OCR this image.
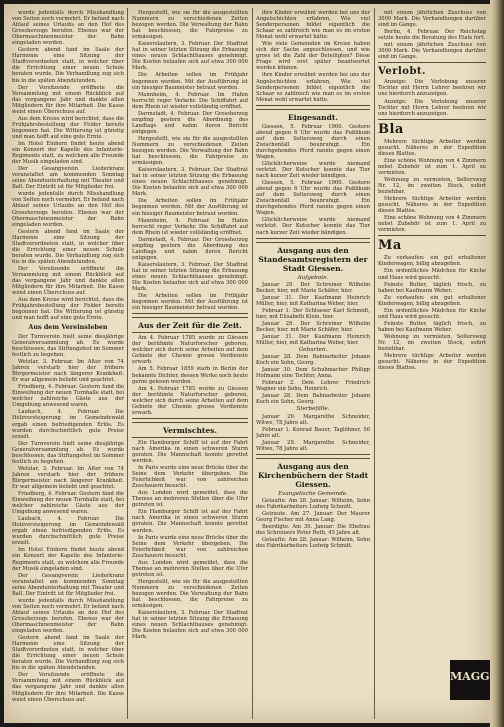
wurde jedenfalls durch Misshandlung von Seiten noch vermehrt. Er befand nach Ablauf seines Urlaubs an den Hof des Grossherzogs berufen. Ebenso war der Obermaschinenmeister der Bahn eingeladen worden.

Gestern abend fand im Saale der Harmonie eine Sitzung der Stadtverordneten statt, in welcher über die Errichtung einer neuen Schule beraten wurde. Die Verhandlung zog sich bis in die späten Abendstunden.

Der Vorsitzende eröffnete die Versammlung mit einem Rückblick auf das vergangene Jahr und dankte allen Mitgliedern für ihre Mitarbeit. Die Kasse weist einen Überschuss auf.

Aus dem Kreise wird berichtet, dass die Frühjahrsbestellung der Felder bereits begonnen hat. Die Witterung ist günstig und man hofft auf eine gute Ernte.

Im Hotel Einhorn findet heute abend ein Konzert der Kapelle des Infanterie-Regiments statt, zu welchem alle Freunde der Musik eingeladen sind.

Der Gesangverein Liederkranz veranstaltet am kommenden Sonntag seine Abendunterhaltung mit Theater und Ball. Der Eintritt ist für Mitglieder frei.

wurde jedenfalls durch Misshandlung von Seiten noch vermehrt. Er befand nach Ablauf seines Urlaubs an den Hof des Grossherzogs berufen. Ebenso war der Obermaschinenmeister der Bahn eingeladen worden.

Gestern abend fand im Saale der Harmonie eine Sitzung der Stadtverordneten statt, in welcher über die Errichtung einer neuen Schule beraten wurde. Die Verhandlung zog sich bis in die späten Abendstunden.

Der Vorsitzende eröffnete die Versammlung mit einem Rückblick auf das vergangene Jahr und dankte allen Mitgliedern für ihre Mitarbeit. Die Kasse weist einen Überschuss auf.

Aus dem Kreise wird berichtet, dass die Frühjahrsbestellung der Felder bereits begonnen hat. Die Witterung ist günstig und man hofft auf eine gute Ernte.

Aus dem Vereinsleben

Der Turnverein hielt seine diesjährige Generalversammlung ab. Es wurde beschlossen, das Stiftungsfest im Sommer festlich zu begehen.

Wetzlar, 3. Februar. Im Alter von 74 Jahren verstarb hier der frühere Bürgermeister nach längerer Krankheit. Er war allgemein beliebt und geachtet.

Friedberg, 4. Februar. Gestern fand die Einweihung der neuen Turnhalle statt, bei welcher zahlreiche Gäste aus der Umgebung anwesend waren.

Laubach, 4. Februar. Die Holzversteigerung im Gemeindewald ergab einen befriedigenden Erlös. Es wurden durchschnittlich gute Preise erzielt.

Der Turnverein hielt seine diesjährige Generalversammlung ab. Es wurde beschlossen, das Stiftungsfest im Sommer festlich zu begehen.

Wetzlar, 3. Februar. Im Alter von 74 Jahren verstarb hier der frühere Bürgermeister nach längerer Krankheit. Er war allgemein beliebt und geachtet.

Friedberg, 4. Februar. Gestern fand die Einweihung der neuen Turnhalle statt, bei welcher zahlreiche Gäste aus der Umgebung anwesend waren.

Laubach, 4. Februar. Die Holzversteigerung im Gemeindewald ergab einen befriedigenden Erlös. Es wurden durchschnittlich gute Preise erzielt.

Im Hotel Einhorn findet heute abend ein Konzert der Kapelle des Infanterie-Regiments statt, zu welchem alle Freunde der Musik eingeladen sind.

Der Gesangverein Liederkranz veranstaltet am kommenden Sonntag seine Abendunterhaltung mit Theater und Ball. Der Eintritt ist für Mitglieder frei.

wurde jedenfalls durch Misshandlung von Seiten noch vermehrt. Er befand nach Ablauf seines Urlaubs an den Hof des Grossherzogs berufen. Ebenso war der Obermaschinenmeister der Bahn eingeladen worden.

Gestern abend fand im Saale der Harmonie eine Sitzung der Stadtverordneten statt, in welcher über die Errichtung einer neuen Schule beraten wurde. Die Verhandlung zog sich bis in die späten Abendstunden.

Der Vorsitzende eröffnete die Versammlung mit einem Rückblick auf das vergangene Jahr und dankte allen Mitgliedern für ihre Mitarbeit. Die Kasse weist einen Überschuss auf.

Hergestellt, wie sie für die ausgestellten Nummern zu verschiedenen Zeiten bezogen werden. Die Verwaltung der Bahn hat beschlossen, die Fahrpreise zu ermässigen.

Kaiserslautern, 3. Februar. Der Stadtrat hat in seiner letzten Sitzung die Erbauung eines neuen Schlachthauses genehmigt. Die Kosten belaufen sich auf etwa 300 000 Mark.

Die Arbeiten sollen im Frühjahr begonnen werden. Mit der Ausführung ist ein hiesiger Baumeister betraut worden.

Mannheim, 4. Februar. Im Hafen herrscht reger Verkehr. Die Schiffahrt auf dem Rhein ist wieder vollständig eröffnet.

Darmstadt, 4. Februar. Der Grossherzog empfing gestern die Abordnung des Landtags und nahm deren Bericht entgegen.

Hergestellt, wie sie für die ausgestellten Nummern zu verschiedenen Zeiten bezogen werden. Die Verwaltung der Bahn hat beschlossen, die Fahrpreise zu ermässigen.

Kaiserslautern, 3. Februar. Der Stadtrat hat in seiner letzten Sitzung die Erbauung eines neuen Schlachthauses genehmigt. Die Kosten belaufen sich auf etwa 300 000 Mark.

Die Arbeiten sollen im Frühjahr begonnen werden. Mit der Ausführung ist ein hiesiger Baumeister betraut worden.

Mannheim, 4. Februar. Im Hafen herrscht reger Verkehr. Die Schiffahrt auf dem Rhein ist wieder vollständig eröffnet.

Darmstadt, 4. Februar. Der Grossherzog empfing gestern die Abordnung des Landtags und nahm deren Bericht entgegen.

Kaiserslautern, 3. Februar. Der Stadtrat hat in seiner letzten Sitzung die Erbauung eines neuen Schlachthauses genehmigt. Die Kosten belaufen sich auf etwa 300 000 Mark.

Die Arbeiten sollen im Frühjahr begonnen werden. Mit der Ausführung ist ein hiesiger Baumeister betraut worden.

Aus der Zeit für die Zeit.

Am 4. Februar 1785 wurde zu Giessen der berühmte Naturforscher geboren, welcher sich durch seine Arbeiten auf dem Gebiete der Chemie grosse Verdienste erwarb.

Am 5. Februar 1859 starb in Berlin der bekannte Dichter, dessen Werke noch heute gerne gelesen werden.

Am 4. Februar 1785 wurde zu Giessen der berühmte Naturforscher geboren, welcher sich durch seine Arbeiten auf dem Gebiete der Chemie grosse Verdienste erwarb.

Vermischtes.

Ein Hamburger Schiff ist auf der Fahrt nach Amerika in einen schweren Sturm geraten. Die Mannschaft konnte gerettet werden.

In Paris wurde eine neue Brücke über die Seine dem Verkehr übergeben. Die Feierlichkeit war von zahlreichen Zuschauern besucht.

Aus London wird gemeldet, dass die Themse an mehreren Stellen über die Ufer getreten ist.

Ein Hamburger Schiff ist auf der Fahrt nach Amerika in einen schweren Sturm geraten. Die Mannschaft konnte gerettet werden.

In Paris wurde eine neue Brücke über die Seine dem Verkehr übergeben. Die Feierlichkeit war von zahlreichen Zuschauern besucht.

Aus London wird gemeldet, dass die Themse an mehreren Stellen über die Ufer getreten ist.

Hergestellt, wie sie für die ausgestellten Nummern zu verschiedenen Zeiten bezogen werden. Die Verwaltung der Bahn hat beschlossen, die Fahrpreise zu ermässigen.

Kaiserslautern, 3. Februar. Der Stadtrat hat in seiner letzten Sitzung die Erbauung eines neuen Schlachthauses genehmigt. Die Kosten belaufen sich auf etwa 300 000 Mark.

ihre Kinder erwähnt werden bei uns der Angelschichten erfahren, Wie viel Senderpersonen bildet eigentlich die Schaar so zahlreich wie man es im ersten Monat wohl erwartet hätte.

Wie viele Gemeinden im Kreise haben sich der Sache angeschlossen, und wie gross ist die Zahl der Beteiligten? Diese Frage wird erst später beantwortet werden können.

ihre Kinder erwähnt werden bei uns der Angelschichten erfahren, Wie viel Senderpersonen bildet eigentlich die Schaar so zahlreich wie man es im ersten Monat wohl erwartet hätte.

Eingesandt.

Giessen, 5. Februar 1900. Gestern abend gegen 6 Uhr wurde das Publikum auf dem Seltersweg durch einen Zwischenfall beunruhigt. Ein durchgehendes Pferd rannte gegen einen Wagen.

Glücklicherweise wurde niemand verletzt. Der Kutscher konnte das Tier nach kurzer Zeit wieder bändigen.

Giessen, 5. Februar 1900. Gestern abend gegen 6 Uhr wurde das Publikum auf dem Seltersweg durch einen Zwischenfall beunruhigt. Ein durchgehendes Pferd rannte gegen einen Wagen.

Glücklicherweise wurde niemand verletzt. Der Kutscher konnte das Tier nach kurzer Zeit wieder bändigen.

Ausgang aus den Standesamtsregistern der Stadt Giessen.
Aufgebote.

Januar 29. Der Schreiner Wilhelm Becker, hier, mit Marie Schäfer, hier.

Januar 31. Der Kaufmann Heinrich Müller, hier, mit Katharina Weber, hier.

Februar 1. Der Schlosser Karl Schmidt, hier, mit Elisabeth Klein, hier.

Januar 29. Der Schreiner Wilhelm Becker, hier, mit Marie Schäfer, hier.

Januar 31. Der Kaufmann Heinrich Müller, hier, mit Katharina Weber, hier.

Geburten.

Januar 28. Dem Bahnarbeiter Johann Koch ein Sohn, Georg.

Januar 30. Dem Schuhmacher Philipp Hofmann eine Tochter, Anna.

Februar 2. Dem Lehrer Friedrich Wagner ein Sohn, Heinrich.

Januar 28. Dem Bahnarbeiter Johann Koch ein Sohn, Georg.

Sterbefälle.

Januar 29. Margarethe Schneider, Witwe, 78 Jahre alt.

Februar 1. Konrad Bauer, Taglöhner, 56 Jahre alt.

Januar 29. Margarethe Schneider, Witwe, 78 Jahre alt.

Ausgang aus den Kirchenbüchern der Stadt Giessen.
Evangelische Gemeinde.

Getaufte. Am 28. Januar: Wilhelm, Sohn des Fabrikarbeiters Ludwig Schmitt.

Getraute. Am 27. Januar: Der Maurer Georg Fischer mit Anna Lang.

Beerdigte. Am 30. Januar: Die Ehefrau des Schreiners Peter Roth, 45 Jahre alt.

Getaufte. Am 28. Januar: Wilhelm, Sohn des Fabrikarbeiters Ludwig Schmitt.

mit einem jährlichen Zuschuss von 3000 Mark. Die Verhandlungen darüber sind im Gange.

Berlin, 4. Februar. Der Reichstag setzte heute die Beratung des Etats fort.

mit einem jährlichen Zuschuss von 3000 Mark. Die Verhandlungen darüber sind im Gange.

Verlobt.

Anzeige: Die Verlobung unserer Tochter mit Herrn Lehrer beehren wir uns hierdurch anzuzeigen.

Anzeige: Die Verlobung unserer Tochter mit Herrn Lehrer beehren wir uns hierdurch anzuzeigen.

Bla

Mehrere tüchtige Arbeiter werden gesucht. Näheres in der Expedition dieses Blattes.

Eine schöne Wohnung von 4 Zimmern nebst Zubehör ist zum 1. April zu vermieten.

Wohnung zu vermieten, Seltersweg Nr. 12, im zweiten Stock, sofort beziehbar.

Mehrere tüchtige Arbeiter werden gesucht. Näheres in der Expedition dieses Blattes.

Eine schöne Wohnung von 4 Zimmern nebst Zubehör ist zum 1. April zu vermieten.

Ma

Zu verkaufen: ein gut erhaltener Kinderwagen, billig abzugeben.

Ein ordentliches Mädchen für Küche und Haus wird gesucht.

Feinste Butter, täglich frisch, zu haben bei Kaufmann Weber.

Zu verkaufen: ein gut erhaltener Kinderwagen, billig abzugeben.

Ein ordentliches Mädchen für Küche und Haus wird gesucht.

Feinste Butter, täglich frisch, zu haben bei Kaufmann Weber.

Wohnung zu vermieten, Seltersweg Nr. 12, im zweiten Stock, sofort beziehbar.

Mehrere tüchtige Arbeiter werden gesucht. Näheres in der Expedition dieses Blattes.

MAGG
